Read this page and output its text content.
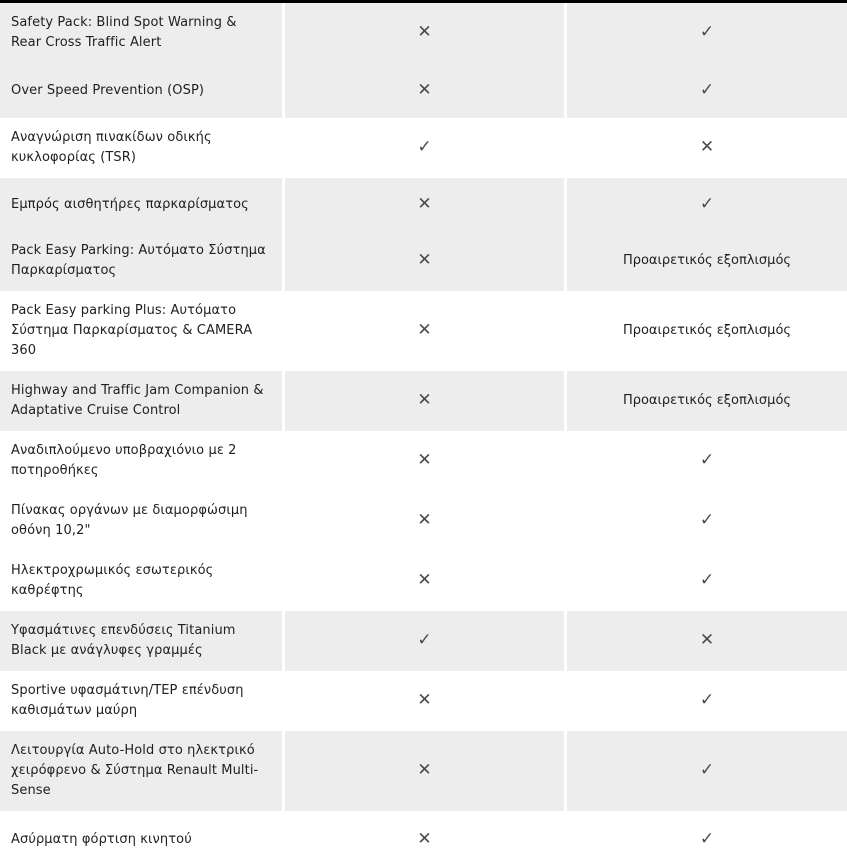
Safety Pack: Blind Spot Warning & Rear Cross Traffic Alert	✕	✓
Over Speed Prevention (OSP)	✕	✓
Αναγνώριση πινακίδων οδικής κυκλοφορίας (TSR)	✓	✕
Εμπρός αισθητήρες παρκαρίσματος	✕	✓
Pack Easy Parking: Αυτόματο Σύστημα Παρκαρίσματος	✕	Προαιρετικός εξοπλισμός
Pack Easy parking Plus: Αυτόματο Σύστημα Παρκαρίσματος & CAMERA 360	✕	Προαιρετικός εξοπλισμός
Highway and Traffic Jam Companion & Adaptative Cruise Control	✕	Προαιρετικός εξοπλισμός
Αναδιπλούμενο υποβραχιόνιο με 2 ποτηροθήκες	✕	✓
Πίνακας οργάνων με διαμορφώσιμη οθόνη 10,2"	✕	✓
Ηλεκτροχρωμικός εσωτερικός καθρέφτης	✕	✓
Υφασμάτινες επενδύσεις Titanium Black με ανάγλυφες γραμμές	✓	✕
Sportive υφασμάτινη/TEP επένδυση καθισμάτων μαύρη	✕	✓
Λειτουργία Auto-Hold στο ηλεκτρικό χειρόφρενο & Σύστημα Renault Multi-Sense	✕	✓
Ασύρματη φόρτιση κινητού	✕	✓
